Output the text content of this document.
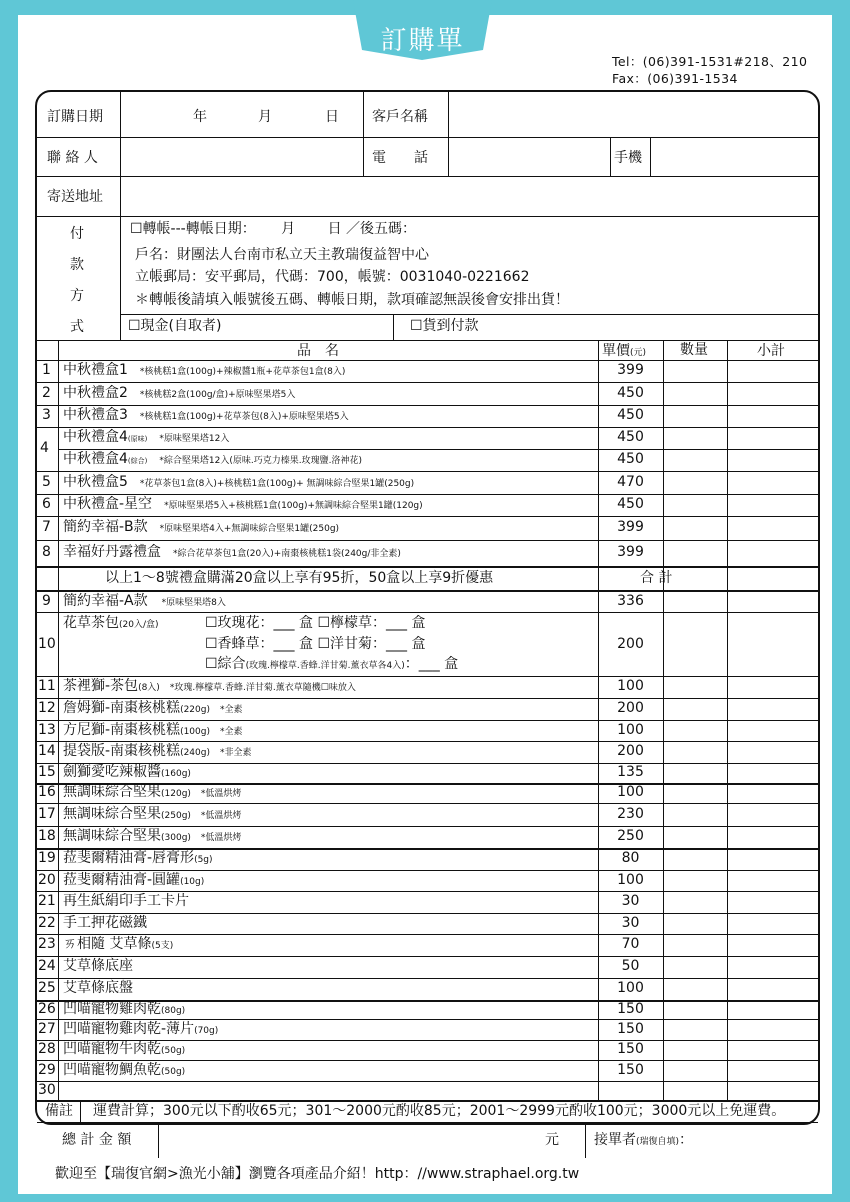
訂購單
Tel：(06)391-1531#218、210
Fax：(06)391-1534
訂購日期	年	月	日 客戶名稱
聯 絡 人	電　　話	手機
寄送地址
付
款
方
式
☐轉帳---轉帳日期：　　 月　　 日 ／後五碼：
戶名：財團法人台南市私立天主教瑞復益智中心
立帳郵局：安平郵局，代碼：700，帳號：0031040-0221662
＊轉帳後請填入帳號後五碼、轉帳日期，款項確認無誤後會安排出貨！
☐現金(自取者)	☐貨到付款
品　名	單價(元) 數量	小計
1 中秋禮盒1 *核桃糕1盒(100g)+辣椒醬1瓶+花草茶包1盒(8入)	399
2 中秋禮盒2 *核桃糕2盒(100g/盒)+原味堅果塔5入	450
3 中秋禮盒3 *核桃糕1盒(100g)+花草茶包(8入)+原味堅果塔5入	450
4
中秋禮盒4(原味) *原味堅果塔12入	450
中秋禮盒4(綜合) *綜合堅果塔12入(原味.巧克力榛果.玫瑰鹽.洛神花)	450
5 中秋禮盒5 *花草茶包1盒(8入)+核桃糕1盒(100g)+ 無調味綜合堅果1罐(250g)	470
6 中秋禮盒-星空 *原味堅果塔5入+核桃糕1盒(100g)+無調味綜合堅果1罐(120g)	450
7 簡約幸福-B款 *原味堅果塔4入+無調味綜合堅果1罐(250g)	399
8 幸福好丹露禮盒 *綜合花草茶包1盒(20入)+南棗核桃糕1袋(240g/非全素)	399
以上1～8號禮盒購滿20盒以上享有95折，50盒以上享9折優惠	合 計
9 簡約幸福-A款 *原味堅果塔8入	336
10
花草茶包(20入/盒)	☐玫瑰花：___ 盒 ☐檸檬草：___ 盒
☐香蜂草：___ 盒 ☐洋甘菊：___ 盒
☐綜合(玫瑰.檸檬草.香蜂.洋甘菊.薰衣草各4入)：___ 盒
200
11 茶裡獅-茶包(8入) *玫瑰.檸檬草.香蜂.洋甘菊.薰衣草隨機☐味放入	100
12 詹姆獅-南棗核桃糕(220g) *全素	200
13 方尼獅-南棗核桃糕(100g) *全素	100
14 提袋版-南棗核桃糕(240g) *非全素	200
15 劍獅愛吃辣椒醬(160g)	135
16 無調味綜合堅果(120g) *低溫烘烤	100
17 無調味綜合堅果(250g) *低溫烘烤	230
18 無調味綜合堅果(300g) *低溫烘烤	250
19 菈斐爾精油膏-唇膏形(5g)	80
20 菈斐爾精油膏-圓罐(10g)	100
21 再生紙絹印手工卡片	30
22 手工押花磁鐵	30
23 ㄞ相隨 艾草條(5支)	70
24 艾草條底座	50
25 艾草條底盤	100
26 凹喵寵物雞肉乾(80g)	150
27 凹喵寵物雞肉乾-薄片(70g)	150
28 凹喵寵物牛肉乾(50g)	150
29 凹喵寵物鯛魚乾(50g)	150
30
備註 運費計算；300元以下酌收65元；301～2000元酌收85元；2001～2999元酌收100元；3000元以上免運費。
總 計 金 額	元	接單者(瑞復自填)：
歡迎至【瑞復官網>漁光小舖】瀏覽各項產品介紹！http：//www.straphael.org.tw
